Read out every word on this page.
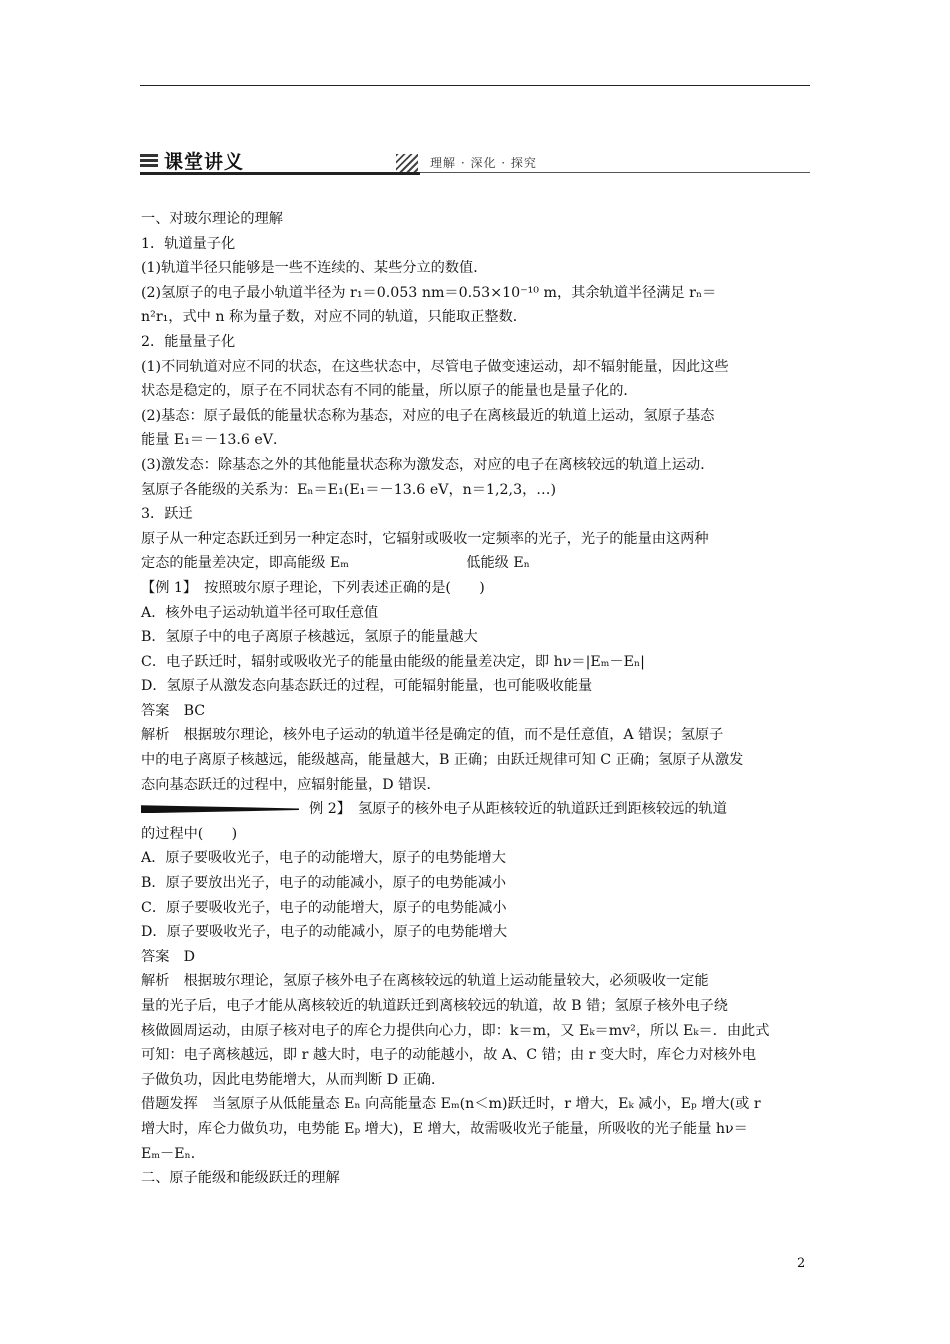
课堂讲义	理解 · 深化 · 探究

一、对玻尔理论的理解

1．轨道量子化

(1)轨道半径只能够是一些不连续的、某些分立的数值．

(2)氢原子的电子最小轨道半径为 r₁＝0.053 nm＝0.53×10⁻¹⁰ m，其余轨道半径满足 rₙ＝

n²r₁，式中 n 称为量子数，对应不同的轨道，只能取正整数．

2．能量量子化

(1)不同轨道对应不同的状态，在这些状态中，尽管电子做变速运动，却不辐射能量，因此这些

状态是稳定的，原子在不同状态有不同的能量，所以原子的能量也是量子化的．

(2)基态：原子最低的能量状态称为基态，对应的电子在离核最近的轨道上运动，氢原子基态

能量 E₁＝－13.6 eV．

(3)激发态：除基态之外的其他能量状态称为激发态，对应的电子在离核较远的轨道上运动．

氢原子各能级的关系为：Eₙ＝E₁(E₁＝－13.6 eV，n＝1,2,3，…)

3．跃迁

原子从一种定态跃迁到另一种定态时，它辐射或吸收一定频率的光子，光子的能量由这两种

定态的能量差决定，即高能级 Eₘ                          低能级 Eₙ

【例 1】　按照玻尔原子理论，下列表述正确的是(　　)

A．核外电子运动轨道半径可取任意值

B．氢原子中的电子离原子核越远，氢原子的能量越大

C．电子跃迁时，辐射或吸收光子的能量由能级的能量差决定，即 hν＝|Eₘ－Eₙ|

D．氢原子从激发态向基态跃迁的过程，可能辐射能量，也可能吸收能量

答案　BC

解析　根据玻尔理论，核外电子运动的轨道半径是确定的值，而不是任意值，A 错误；氢原子

中的电子离原子核越远，能级越高，能量越大，B 正确；由跃迁规律可知 C 正确；氢原子从激发

态向基态跃迁的过程中，应辐射能量，D 错误．

例 2】　氢原子的核外电子从距核较近的轨道跃迁到距核较远的轨道

的过程中(　　)

A．原子要吸收光子，电子的动能增大，原子的电势能增大

B．原子要放出光子，电子的动能减小，原子的电势能减小

C．原子要吸收光子，电子的动能增大，原子的电势能减小

D．原子要吸收光子，电子的动能减小，原子的电势能增大

答案　D

解析　根据玻尔理论，氢原子核外电子在离核较远的轨道上运动能量较大，必须吸收一定能

量的光子后，电子才能从离核较近的轨道跃迁到离核较远的轨道，故 B 错；氢原子核外电子绕

核做圆周运动，由原子核对电子的库仑力提供向心力，即：k＝m，又 Eₖ＝mv²，所以 Eₖ＝．由此式

可知：电子离核越远，即 r 越大时，电子的动能越小，故 A、C 错；由 r 变大时，库仑力对核外电

子做负功，因此电势能增大，从而判断 D 正确．

借题发挥　当氢原子从低能量态 Eₙ 向高能量态 Eₘ(n＜m)跃迁时，r 增大，Eₖ 减小，Eₚ 增大(或 r

增大时，库仑力做负功，电势能 Eₚ 增大)，E 增大，故需吸收光子能量，所吸收的光子能量 hν＝

Eₘ－Eₙ．

二、原子能级和能级跃迁的理解

2
